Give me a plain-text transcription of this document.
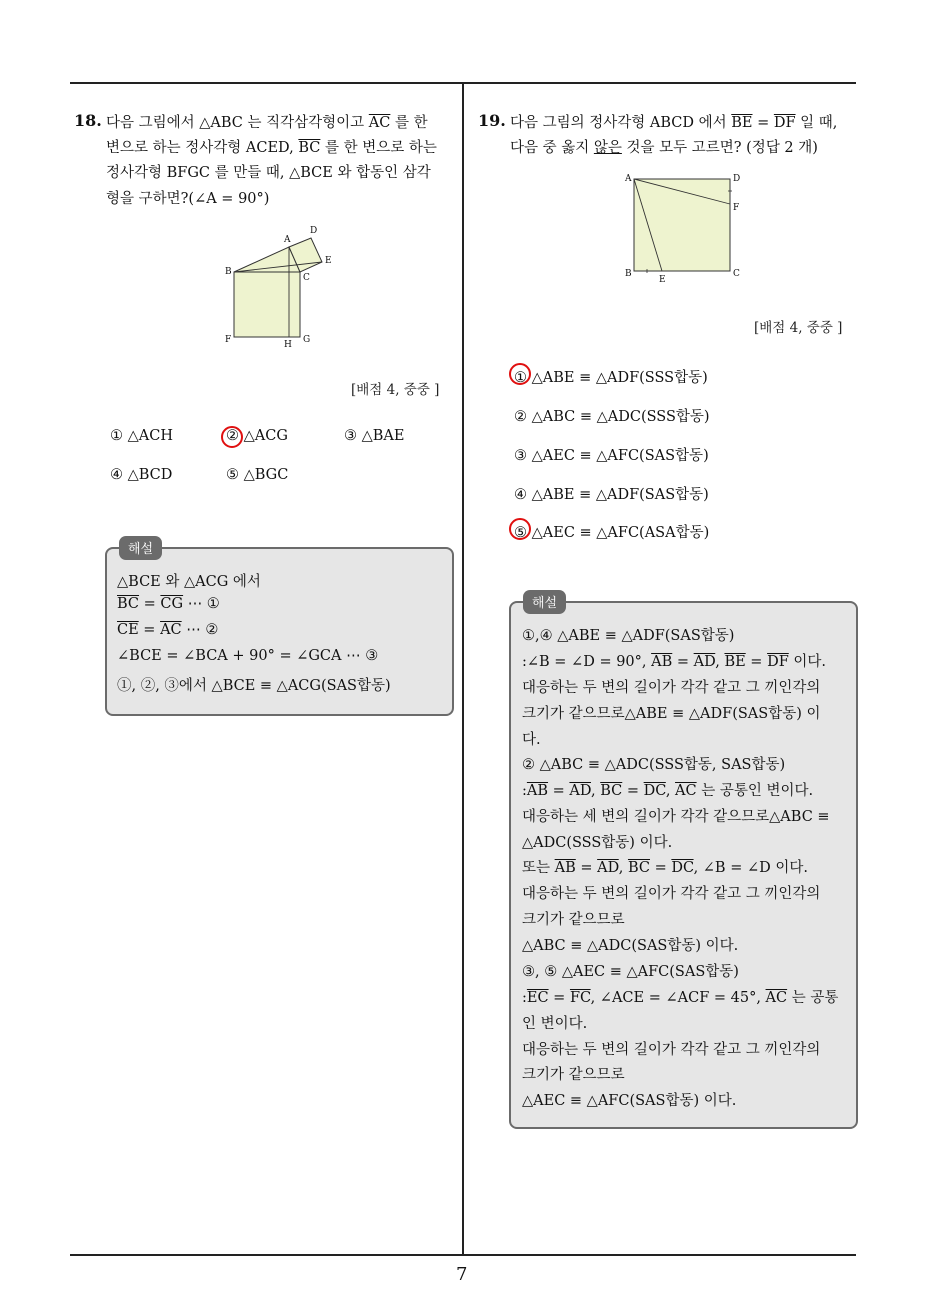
7
18. 다음 그림에서 △ABC 는 직각삼각형이고 $\overline{AC}$ 를 한
변으로 하는 정사각형 ACED, $\overline{BC}$ 를 한 변으로 하는
정사각형 BFGC 를 만들 때, △BCE 와 합동인 삼각
형을 구하면?(∠A = 90°)
A
D
B
E
C
F	H G
[배점 4, 중중 ]
① △ACH	② △ACG	③ △BAE
④ △BCD	⑤ △BGC
해설
△BCE 와 △ACG 에서
$\overline{BC} = \overline{CG}$ ⋯ ①
$\overline{CE} = \overline{AC}$ ⋯ ②
∠BCE = ∠BCA + 90° = ∠GCA ⋯ ③
①, ②, ③에서 △BCE ≡ △ACG(SAS합동)
19. 다음 그림의 정사각형 ABCD 에서 $\overline{BE} = \overline{DF}$ 일 때,
다음 중 옳지 않은 것을 모두 고르면? (정답 2 개)
A	D
F
B
E
C
[배점 4, 중중 ]
① △ABE ≡ △ADF(SSS합동)
② △ABC ≡ △ADC(SSS합동)
③ △AEC ≡ △AFC(SAS합동)
④ △ABE ≡ △ADF(SAS합동)
⑤ △AEC ≡ △AFC(ASA합동)
해설
①,④ △ABE ≡ △ADF(SAS합동)
:∠B = ∠D = 90°, $\overline{AB} = \overline{AD}$, $\overline{BE} = \overline{DF}$ 이다.
대응하는 두 변의 길이가 각각 같고 그 끼인각의
크기가 같으므로△ABE ≡ △ADF(SAS합동) 이
다.
② △ABC ≡ △ADC(SSS합동, SAS합동)
$:\overline{AB} = \overline{AD}$, $\overline{BC} = \overline{DC}$, $\overline{AC}$ 는 공통인 변이다.
대응하는 세 변의 길이가 각각 같으므로△ABC ≡
△ADC(SSS합동) 이다.
또는 $\overline{AB} = \overline{AD}$, $\overline{BC} = \overline{DC}$, ∠B = ∠D 이다.
대응하는 두 변의 길이가 각각 같고 그 끼인각의
크기가 같으므로
△ABC ≡ △ADC(SAS합동) 이다.
③, ⑤ △AEC ≡ △AFC(SAS합동)
$:\overline{EC} = \overline{FC}$, ∠ACE = ∠ACF = 45°, $\overline{AC}$ 는 공통
인 변이다.
대응하는 두 변의 길이가 각각 같고 그 끼인각의
크기가 같으므로
△AEC ≡ △AFC(SAS합동) 이다.
